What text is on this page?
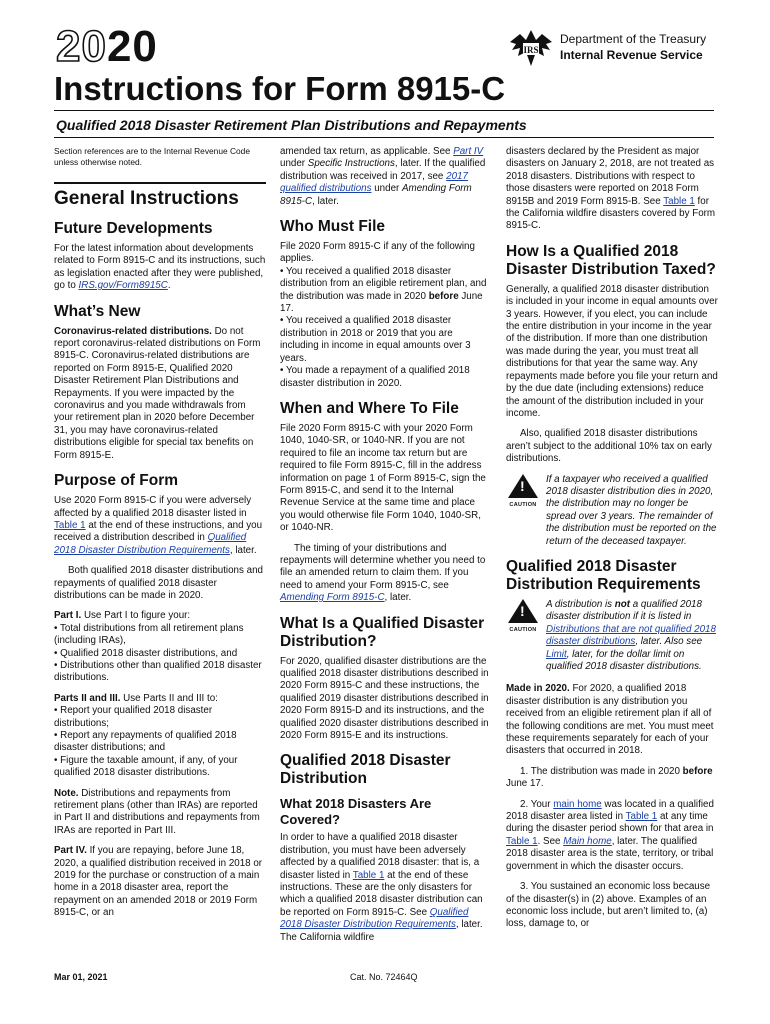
2020
Instructions for Form 8915-C
Qualified 2018 Disaster Retirement Plan Distributions and Repayments
IRS
Department of the Treasury
Internal Revenue Service

Section references are to the Internal Revenue Code unless otherwise noted.

General Instructions
Future Developments

For the latest information about developments related to Form 8915-C and its instructions, such as legislation enacted after they were published, go to IRS.gov/Form8915C.

What’s New

Coronavirus-related distributions. Do not report coronavirus-related distributions on Form 8915-C. Coronavirus-related distributions are reported on Form 8915-E, Qualified 2020 Disaster Retirement Plan Distributions and Repayments. If you were impacted by the coronavirus and you made withdrawals from your retirement plan in 2020 before December 31, you may have coronavirus-related distributions eligible for special tax benefits on Form 8915-E.

Purpose of Form

Use 2020 Form 8915-C if you were adversely affected by a qualified 2018 disaster listed in Table 1 at the end of these instructions, and you received a distribution described in Qualified 2018 Disaster Distribution Requirements, later.

Both qualified 2018 disaster distributions and repayments of qualified 2018 disaster distributions can be made in 2020.

Part I. Use Part I to figure your:
• Total distributions from all retirement plans (including IRAs),
• Qualified 2018 disaster distributions, and
• Distributions other than qualified 2018 disaster distributions.

Parts II and III. Use Parts II and III to:
• Report your qualified 2018 disaster distributions;
• Report any repayments of qualified 2018 disaster distributions; and
• Figure the taxable amount, if any, of your qualified 2018 disaster distributions.

Note. Distributions and repayments from retirement plans (other than IRAs) are reported in Part II and distributions and repayments from IRAs are reported in Part III.

Part IV. If you are repaying, before June 18, 2020, a qualified distribution received in 2018 or 2019 for the purchase or construction of a main home in a 2018 disaster area, report the repayment on an amended 2018 or 2019 Form 8915-C, or an

amended tax return, as applicable. See Part IV under Specific Instructions, later. If the qualified distribution was received in 2017, see 2017 qualified distributions under Amending Form 8915-C, later.

Who Must File

File 2020 Form 8915-C if any of the following applies.
• You received a qualified 2018 disaster distribution from an eligible retirement plan, and the distribution was made in 2020 before June 17.
• You received a qualified 2018 disaster distribution in 2018 or 2019 that you are including in income in equal amounts over 3 years.
• You made a repayment of a qualified 2018 disaster distribution in 2020.

When and Where To File

File 2020 Form 8915-C with your 2020 Form 1040, 1040-SR, or 1040-NR. If you are not required to file an income tax return but are required to file Form 8915-C, fill in the address information on page 1 of Form 8915-C, sign the Form 8915-C, and send it to the Internal Revenue Service at the same time and place you would otherwise file Form 1040, 1040-SR, or 1040-NR.

The timing of your distributions and repayments will determine whether you need to file an amended return to claim them. If you need to amend your Form 8915-C, see Amending Form 8915-C, later.

What Is a Qualified Disaster Distribution?

For 2020, qualified disaster distributions are the qualified 2018 disaster distributions described in 2020 Form 8915-C and these instructions, the qualified 2019 disaster distributions described in 2020 Form 8915-D and its instructions, and the qualified 2020 disaster distributions described in 2020 Form 8915-E and its instructions.

Qualified 2018 Disaster Distribution
What 2018 Disasters Are Covered?

In order to have a qualified 2018 disaster distribution, you must have been adversely affected by a qualified 2018 disaster: that is, a disaster listed in Table 1 at the end of these instructions. These are the only disasters for which a qualified 2018 disaster distribution can be reported on Form 8915-C. See Qualified 2018 Disaster Distribution Requirements, later. The California wildfire

disasters declared by the President as major disasters on January 2, 2018, are not treated as 2018 disasters. Distributions with respect to those disasters were reported on 2018 Form 8915B and 2019 Form 8915-B. See Table 1 for the California wildfire disasters covered by Form 8915-C.

How Is a Qualified 2018 Disaster Distribution Taxed?

Generally, a qualified 2018 disaster distribution is included in your income in equal amounts over 3 years. However, if you elect, you can include the entire distribution in your income in the year of the distribution. If more than one distribution was made during the year, you must treat all distributions for that year the same way. Any repayments made before you file your return and by the due date (including extensions) reduce the amount of the distribution included in your income.

Also, qualified 2018 disaster distributions aren’t subject to the additional 10% tax on early distributions.

!
CAUTION
If a taxpayer who received a qualified 2018 disaster distribution dies in 2020, the distribution may no longer be spread over 3 years. The remainder of the distribution must be reported on the return of the deceased taxpayer.
Qualified 2018 Disaster Distribution Requirements
!
CAUTION
A distribution is not a qualified 2018 disaster distribution if it is listed in Distributions that are not qualified 2018 disaster distributions, later. Also see Limit, later, for the dollar limit on qualified 2018 disaster distributions.

Made in 2020. For 2020, a qualified 2018 disaster distribution is any distribution you received from an eligible retirement plan if all of the following conditions are met. You must meet these requirements separately for each of your disasters that occurred in 2018.

1. The distribution was made in 2020 before June 17.

2. Your main home was located in a qualified 2018 disaster area listed in Table 1 at any time during the disaster period shown for that area in Table 1. See Main home, later. The qualified 2018 disaster area is the state, territory, or tribal government in which the disaster occurs.

3. You sustained an economic loss because of the disaster(s) in (2) above. Examples of an economic loss include, but aren’t limited to, (a) loss, damage to, or

Mar 01, 2021	Cat. No. 72464Q
